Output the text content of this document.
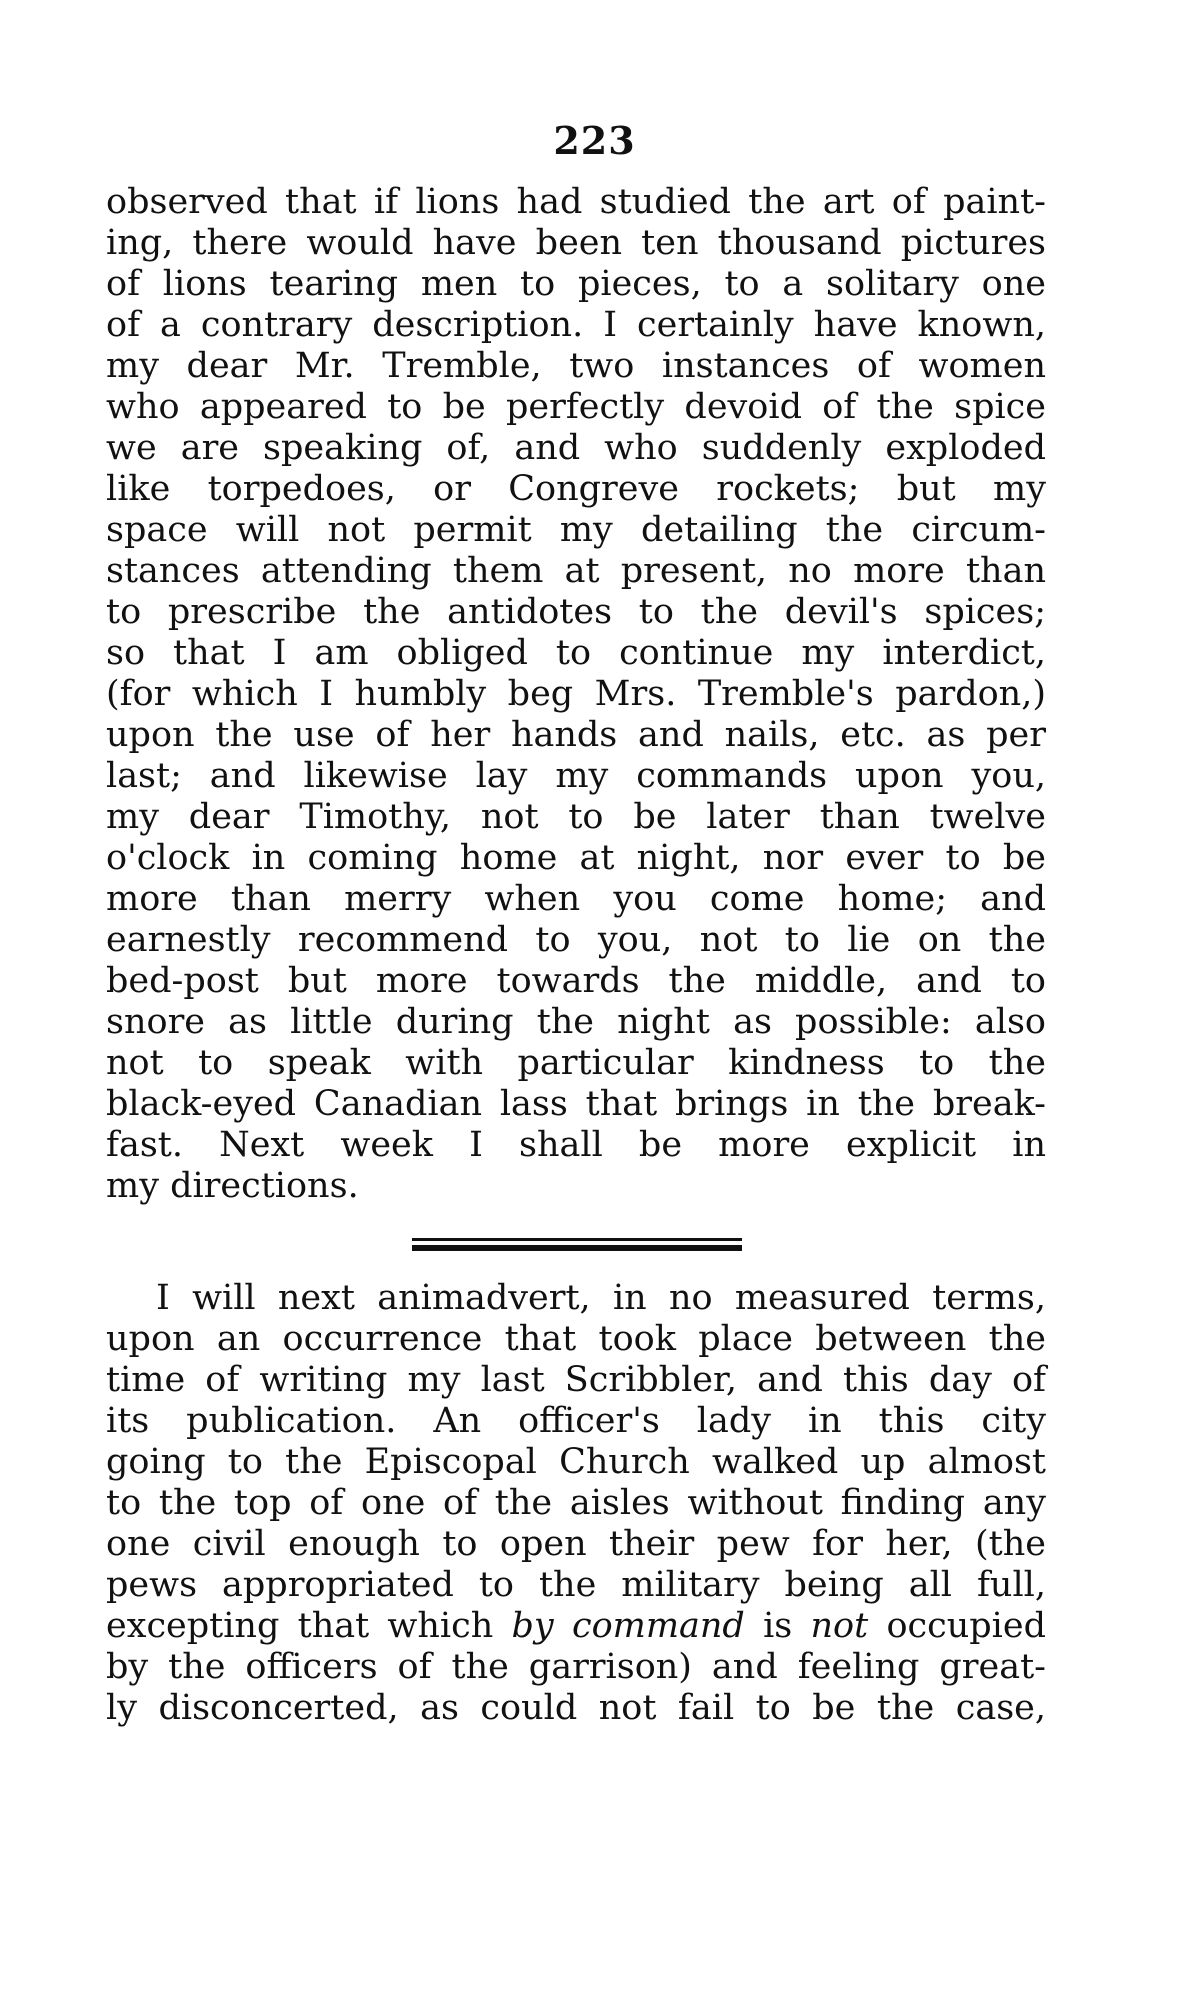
223
observed that if lions had studied the art of paint-
ing, there would have been ten thousand pictures
of lions tearing men to pieces, to a solitary one
of a contrary description. I certainly have known,
my dear Mr. Tremble, two instances of women
who appeared to be perfectly devoid of the spice
we are speaking of, and who suddenly exploded
like torpedoes, or Congreve rockets; but my
space will not permit my detailing the circum-
stances attending them at present, no more than
to prescribe the antidotes to the devil's spices;
so that I am obliged to continue my interdict,
(for which I humbly beg Mrs. Tremble's pardon,)
upon the use of her hands and nails, etc. as per
last; and likewise lay my commands upon you,
my dear Timothy, not to be later than twelve
o'clock in coming home at night, nor ever to be
more than merry when you come home; and
earnestly recommend to you, not to lie on the
bed-post but more towards the middle, and to
snore as little during the night as possible: also
not to speak with particular kindness to the
black-eyed Canadian lass that brings in the break-
fast. Next week I shall be more explicit in
my directions.
I will next animadvert, in no measured terms,
upon an occurrence that took place between the
time of writing my last Scribbler, and this day of
its publication. An officer's lady in this city
going to the Episcopal Church walked up almost
to the top of one of the aisles without finding any
one civil enough to open their pew for her, (the
pews appropriated to the military being all full,
excepting that which by command is not occupied
by the officers of the garrison) and feeling great-
ly disconcerted, as could not fail to be the case,
